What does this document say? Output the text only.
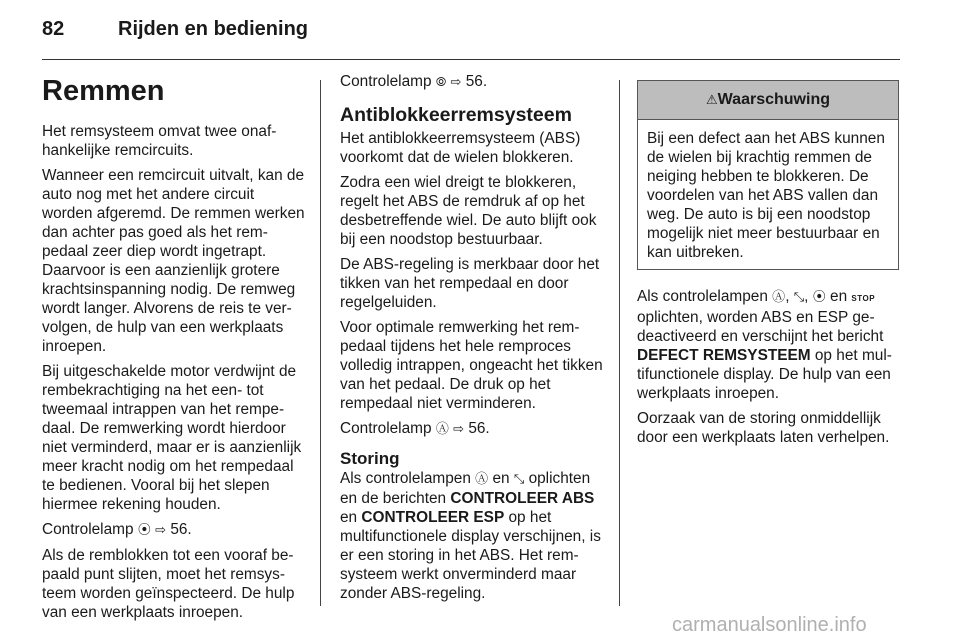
82	Rijden en bediening
Remmen

Het remsysteem omvat twee onafhankelijke remcircuits.

Wanneer een remcircuit uitvalt, kan de auto nog met het andere circuit worden afgeremd. De remmen werken dan achter pas goed als het rempedaal zeer diep wordt ingetrapt. Daarvoor is een aanzienlijk grotere krachtsinspanning nodig. De remweg wordt langer. Alvorens de reis te vervolgen, de hulp van een werkplaats inroepen.

Bij uitgeschakelde motor verdwijnt de rembekrachtiging na het een- tot tweemaal intrappen van het rempedaal. De remwerking wordt hierdoor niet verminderd, maar er is aanzienlijk meer kracht nodig om het rempedaal te bedienen. Vooral bij het slepen hiermee rekening houden.

Controlelamp ⦿ ⇨ 56.

Als de remblokken tot een vooraf bepaald punt slijten, moet het remsysteem worden geïnspecteerd. De hulp van een werkplaats inroepen.

Controlelamp ⦾ ⇨ 56.

Antiblokkeerremsysteem

Het antiblokkeerremsysteem (ABS) voorkomt dat de wielen blokkeren.

Zodra een wiel dreigt te blokkeren, regelt het ABS de remdruk af op het desbetreffende wiel. De auto blijft ook bij een noodstop bestuurbaar.

De ABS-regeling is merkbaar door het tikken van het rempedaal en door regelgeluiden.

Voor optimale remwerking het rempedaal tijdens het hele remproces volledig intrappen, ongeacht het tikken van het pedaal. De druk op het rempedaal niet verminderen.

Controlelamp Ⓐ ⇨ 56.

Storing

Als controlelampen Ⓐ en ⤡ oplichten en de berichten CONTROLEER ABS en CONTROLEER ESP op het multifunctionele display verschijnen, is er een storing in het ABS. Het remsysteem werkt onverminderd maar zonder ABS-regeling.

⚠Waarschuwing
Bij een defect aan het ABS kunnen de wielen bij krachtig remmen de neiging hebben te blokkeren. De voordelen van het ABS vallen dan weg. De auto is bij een noodstop mogelijk niet meer bestuurbaar en kan uitbreken.

Als controlelampen Ⓐ, ⤡, ⦿ en STOP oplichten, worden ABS en ESP gedeactiveerd en verschijnt het bericht DEFECT REMSYSTEEM op het multifunctionele display. De hulp van een werkplaats inroepen.

Oorzaak van de storing onmiddellijk door een werkplaats laten verhelpen.

carmanualsonline.info
